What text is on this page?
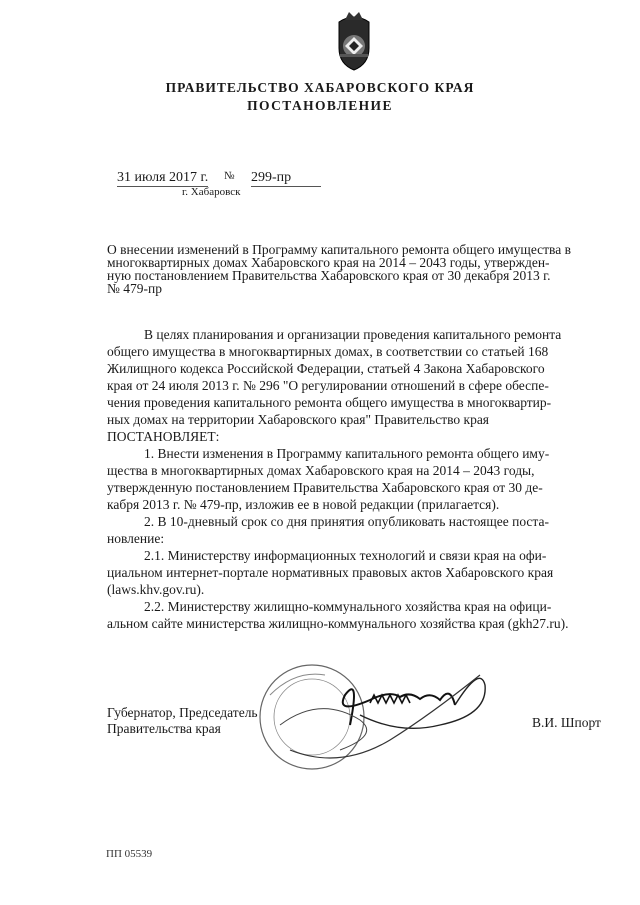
ПРАВИТЕЛЬСТВО ХАБАРОВСКОГО КРАЯ
ПОСТАНОВЛЕНИЕ
31 июля 2017 г. № 299-пр
г. Хабаровск
О внесении изменений в Программу капитального ремонта общего имущества в
многоквартирных домах Хабаровского края на 2014 – 2043 годы, утвержден-
ную постановлением Правительства Хабаровского края от 30 декабря 2013 г.
№ 479-пр

В целях планирования и организации проведения капитального ремонта

общего имущества в многоквартирных домах, в соответствии со статьей 168

Жилищного кодекса Российской Федерации, статьей 4 Закона Хабаровского

края от 24 июля 2013 г. № 296 "О регулировании отношений в сфере обеспе-

чения проведения капитального ремонта общего имущества в многоквартир-

ных домах на территории Хабаровского края" Правительство края

ПОСТАНОВЛЯЕТ:

1. Внести изменения в Программу капитального ремонта общего иму-

щества в многоквартирных домах Хабаровского края на 2014 – 2043 годы,

утвержденную постановлением Правительства Хабаровского края от 30 де-

кабря 2013 г. № 479-пр, изложив ее в новой редакции (прилагается).

2. В 10-дневный срок со дня принятия опубликовать настоящее поста-

новление:

2.1. Министерству информационных технологий и связи края на офи-

циальном интернет-портале нормативных правовых актов Хабаровского края

(laws.khv.gov.ru).

2.2. Министерству жилищно-коммунального хозяйства края на офици-

альном сайте министерства жилищно-коммунального хозяйства края (gkh27.ru).

Губернатор, Председатель
Правительства края	В.И. Шпорт
ПП 05539
